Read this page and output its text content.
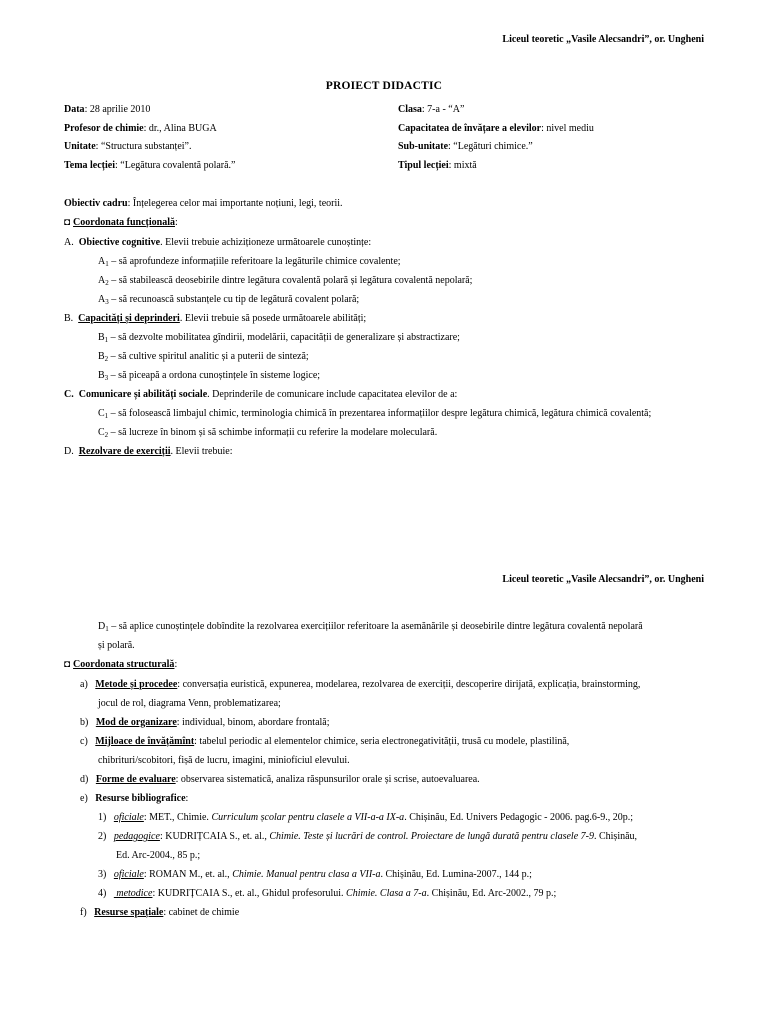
Liceul teoretic „Vasile Alecsandri”, or. Ungheni
PROIECT DIDACTIC
Data: 28 aprilie 2010	Clasa: 7-a - “A”
Profesor de chimie: dr., Alina BUGA	Capacitatea de învățare a elevilor: nivel mediu
Unitate: “Structura substanței”.	Sub-unitate: “Legături chimice.”
Tema lecției: “Legătura covalentă polară.”	Tipul lecției: mixtă
Obiectiv cadru: Înțelegerea celor mai importante noțiuni, legi, teorii.
◘ Coordonata funcțională:
A. Obiective cognitive. Elevii trebuie achiziționeze următoarele cunoștințe:
$A_1$ – să aprofundeze informațiile referitoare la legăturile chimice covalente;
$A_2$ – să stabilească deosebirile dintre legătura covalentă polară și legătura covalentă nepolară;
$A_3$ – să recunoască substanțele cu tip de legătură covalent polară;
B. Capacități și deprinderi. Elevii trebuie să posede următoarele abilități;
$B_1$ – să dezvolte mobilitatea gîndirii, modelării, capacității de generalizare și abstractizare;
$B_2$ – să cultive spiritul analitic și a puterii de sinteză;
$B_3$ – să piceapă a ordona cunoștințele în sisteme logice;
C. Comunicare și abilități sociale. Deprinderile de comunicare include capacitatea elevilor de a:
$C_1$ – să folosească limbajul chimic, terminologia chimică în prezentarea informațiilor despre legătura chimică, legătura chimică covalentă;
$C_2$ – să lucreze în binom și să schimbe informații cu referire la modelare moleculară.
D. Rezolvare de exerciții. Elevii trebuie:
Liceul teoretic „Vasile Alecsandri”, or. Ungheni
$D_1$ – să aplice cunoștințele dobîndite la rezolvarea exercițiilor referitoare la asemănările și deosebirile dintre legătura covalentă nepolară
și polară.
◘ Coordonata structurală:
a) Metode și procedee: conversația euristică, expunerea, modelarea, rezolvarea de exerciții, descoperire dirijată, explicația, brainstorming,
jocul de rol, diagrama Venn, problematizarea;
b) Mod de organizare: individual, binom, abordare frontală;
c) Mijloace de învățămînt: tabelul periodic al elementelor chimice, seria electronegativității, trusă cu modele, plastilină,
chibrituri/scobitori, fișă de lucru, imagini, miniofíciul elevului.
d) Forme de evaluare: observarea sistematică, analiza răspunsurilor orale și scrise, autoevaluarea.
e) Resurse bibliografice:
1) oficiale: MET., Chimie. Curriculum școlar pentru clasele a VII-a-a IX-a. Chișinău, Ed. Univers Pedagogic - 2006. pag.6-9., 20p.;
2) pedagogice: KUDRIȚCAIA S., et. al., Chimie. Teste și lucrări de control. Proiectare de lungă durată pentru clasele 7-9. Chișinău,
Ed. Arc-2004., 85 p.;
3) oficiale: ROMAN M., et. al., Chimie. Manual pentru clasa a VII-a. Chișinău, Ed. Lumina-2007., 144 p.;
4)    metodice: KUDRIȚCAIA S., et. al., Ghidul profesorului. Chimie. Clasa a 7-a. Chișinău, Ed. Arc-2002., 79 p.;
f) Resurse spațiale: cabinet de chimie
